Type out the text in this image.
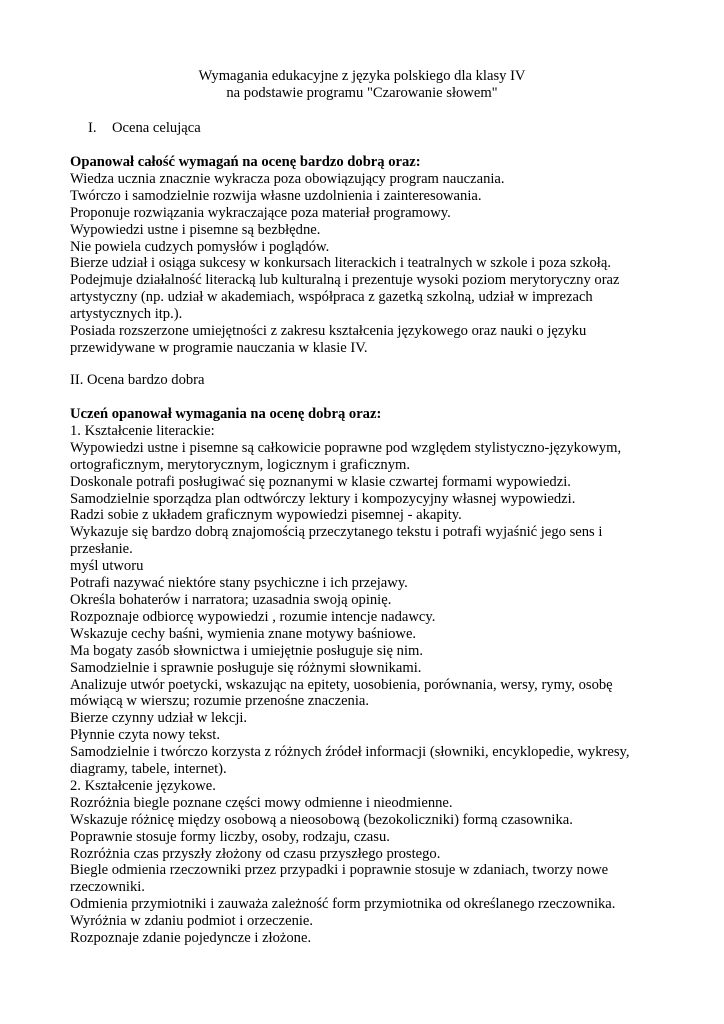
Wymagania edukacyjne z języka polskiego dla klasy IV
na podstawie programu "Czarowanie słowem"
I. Ocena celująca
Opanował całość wymagań na ocenę bardzo dobrą oraz:
Wiedza ucznia znacznie wykracza poza obowiązujący program nauczania.
Twórczo i samodzielnie rozwija własne uzdolnienia i zainteresowania.
Proponuje rozwiązania wykraczające poza materiał programowy.
Wypowiedzi ustne i pisemne są bezbłędne.
Nie powiela cudzych pomysłów i poglądów.
Bierze udział i osiąga sukcesy w konkursach literackich i teatralnych w szkole i poza szkołą.
Podejmuje działalność literacką lub kulturalną i prezentuje wysoki poziom merytoryczny oraz
artystyczny (np. udział w akademiach, współpraca z gazetką szkolną, udział w imprezach
artystycznych itp.).
Posiada rozszerzone umiejętności z zakresu kształcenia językowego oraz nauki o języku
przewidywane w programie nauczania w klasie IV.
II. Ocena bardzo dobra
Uczeń opanował wymagania na ocenę dobrą oraz:
1. Kształcenie literackie:
Wypowiedzi ustne i pisemne są całkowicie poprawne pod względem stylistyczno-językowym,
ortograficznym, merytorycznym, logicznym i graficznym.
Doskonale potrafi posługiwać się poznanymi w klasie czwartej formami wypowiedzi.
Samodzielnie sporządza plan odtwórczy lektury i kompozycyjny własnej wypowiedzi.
Radzi sobie z układem graficznym wypowiedzi pisemnej - akapity.
Wykazuje się bardzo dobrą znajomością przeczytanego tekstu i potrafi wyjaśnić jego sens i
przesłanie.
myśl utworu
Potrafi nazywać niektóre stany psychiczne i ich przejawy.
Określa bohaterów i narratora; uzasadnia swoją opinię.
Rozpoznaje odbiorcę wypowiedzi , rozumie intencje nadawcy.
Wskazuje cechy baśni, wymienia znane motywy baśniowe.
Ma bogaty zasób słownictwa i umiejętnie posługuje się nim.
Samodzielnie i sprawnie posługuje się różnymi słownikami.
Analizuje utwór poetycki, wskazując na epitety, uosobienia, porównania, wersy, rymy, osobę
mówiącą w wierszu; rozumie przenośne znaczenia.
Bierze czynny udział w lekcji.
Płynnie czyta nowy tekst.
Samodzielnie i twórczo korzysta z różnych źródeł informacji (słowniki, encyklopedie, wykresy,
diagramy, tabele, internet).
2. Kształcenie językowe.
Rozróżnia biegle poznane części mowy odmienne i nieodmienne.
Wskazuje różnicę między osobową a nieosobową (bezokoliczniki) formą czasownika.
Poprawnie stosuje formy liczby, osoby, rodzaju, czasu.
Rozróżnia czas przyszły złożony od czasu przyszłego prostego.
Biegle odmienia rzeczowniki przez przypadki i poprawnie stosuje w zdaniach, tworzy nowe
rzeczowniki.
Odmienia przymiotniki i zauważa zależność form przymiotnika od określanego rzeczownika.
Wyróżnia w zdaniu podmiot i orzeczenie.
Rozpoznaje zdanie pojedyncze i złożone.
